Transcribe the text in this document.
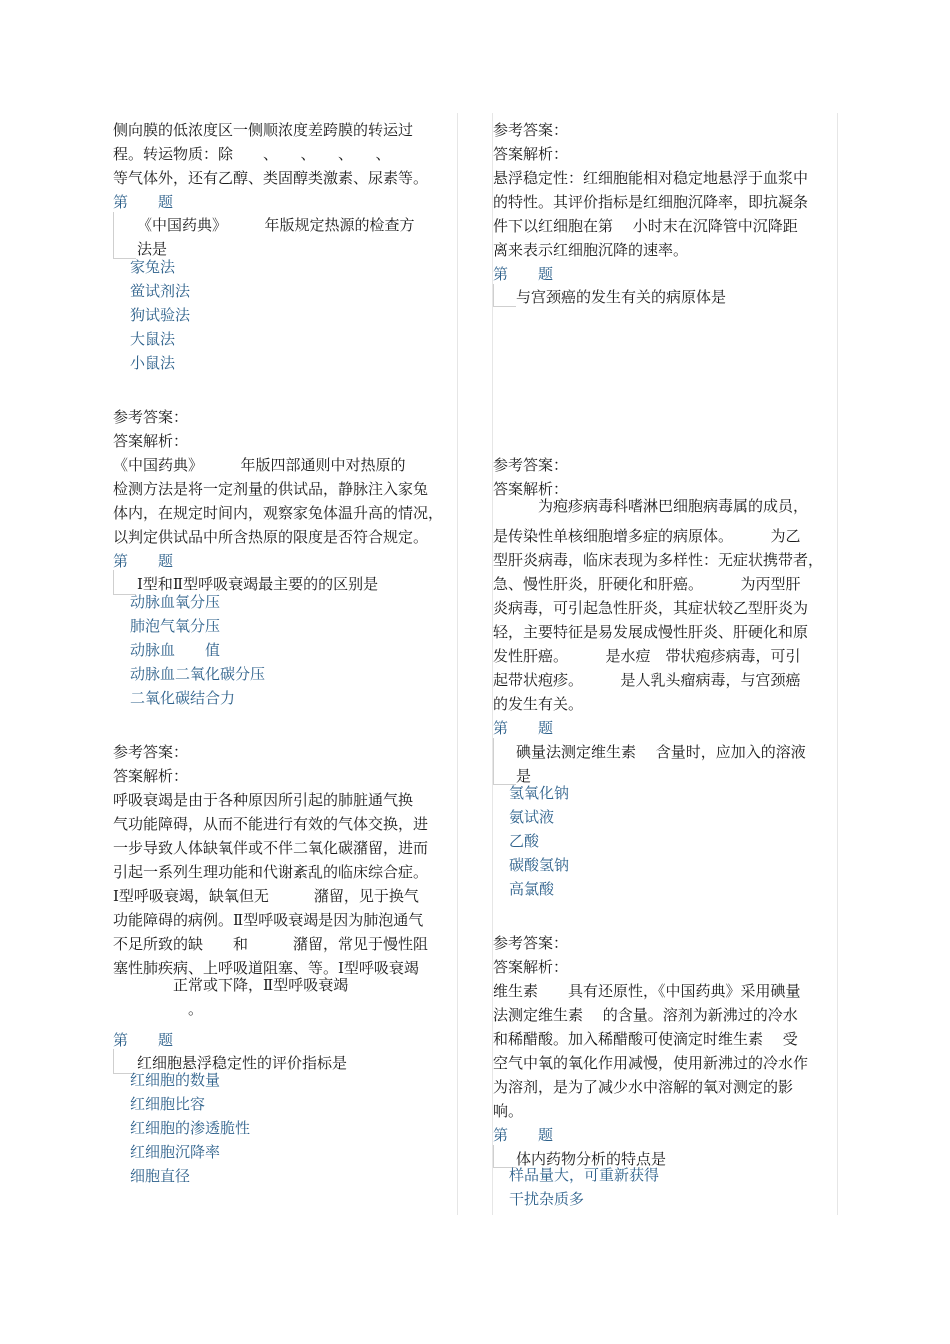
侧向膜的低浓度区一侧顺浓度差跨膜的转运过
程。转运物质：除　　、　　、　　、　　、
等气体外，还有乙醇、类固醇类激素、尿素等。
第　　题
《中国药典》　　　年版规定热源的检查方
法是
家兔法
鲎试剂法
狗试验法
大鼠法
小鼠法
参考答案：
答案解析：
《中国药典》　　　年版四部通则中对热原的
检测方法是将一定剂量的供试品，静脉注入家兔
体内，在规定时间内，观察家兔体温升高的情况，
以判定供试品中所含热原的限度是否符合规定。
第　　题
Ⅰ型和Ⅱ型呼吸衰竭最主要的的区别是
动脉血氧分压
肺泡气氧分压
动脉血　　值
动脉血二氧化碳分压
二氧化碳结合力
参考答案：
答案解析：
呼吸衰竭是由于各种原因所引起的肺脏通气换
气功能障碍，从而不能进行有效的气体交换，进
一步导致人体缺氧伴或不伴二氧化碳潴留，进而
引起一系列生理功能和代谢紊乱的临床综合症。
Ⅰ型呼吸衰竭，缺氧但无　　　潴留，见于换气
功能障碍的病例。Ⅱ型呼吸衰竭是因为肺泡通气
不足所致的缺　　和　　　潴留，常见于慢性阻
塞性肺疾病、上呼吸道阻塞、等。Ⅰ型呼吸衰竭
　　　　正常或下降，Ⅱ型呼吸衰竭
　　　　　。
第　　题
红细胞悬浮稳定性的评价指标是
红细胞的数量
红细胞比容
红细胞的渗透脆性
红细胞沉降率
细胞直径
参考答案：
答案解析：
悬浮稳定性：红细胞能相对稳定地悬浮于血浆中
的特性。其评价指标是红细胞沉降率，即抗凝条
件下以红细胞在第　 小时末在沉降管中沉降距
离来表示红细胞沉降的速率。
第　　题
与宫颈癌的发生有关的病原体是
参考答案：
答案解析：
　　　为疱疹病毒科嗜淋巴细胞病毒属的成员，
是传染性单核细胞增多症的病原体。　　　为乙
型肝炎病毒，临床表现为多样性：无症状携带者，
急、慢性肝炎，肝硬化和肝癌。　　　为丙型肝
炎病毒，可引起急性肝炎，其症状较乙型肝炎为
轻，主要特征是易发展成慢性肝炎、肝硬化和原
发性肝癌。　　　是水痘　带状疱疹病毒，可引
起带状疱疹。　　　是人乳头瘤病毒，与宫颈癌
的发生有关。
第　　题
碘量法测定维生素　 含量时，应加入的溶液
是
氢氧化钠
氨试液
乙酸
碳酸氢钠
高氯酸
参考答案：
答案解析：
维生素　　具有还原性，《中国药典》采用碘量
法测定维生素　 的含量。溶剂为新沸过的冷水
和稀醋酸。加入稀醋酸可使滴定时维生素　 受
空气中氧的氧化作用减慢，使用新沸过的冷水作
为溶剂，是为了减少水中溶解的氧对测定的影
响。
第　　题
体内药物分析的特点是
样品量大，可重新获得
干扰杂质多
